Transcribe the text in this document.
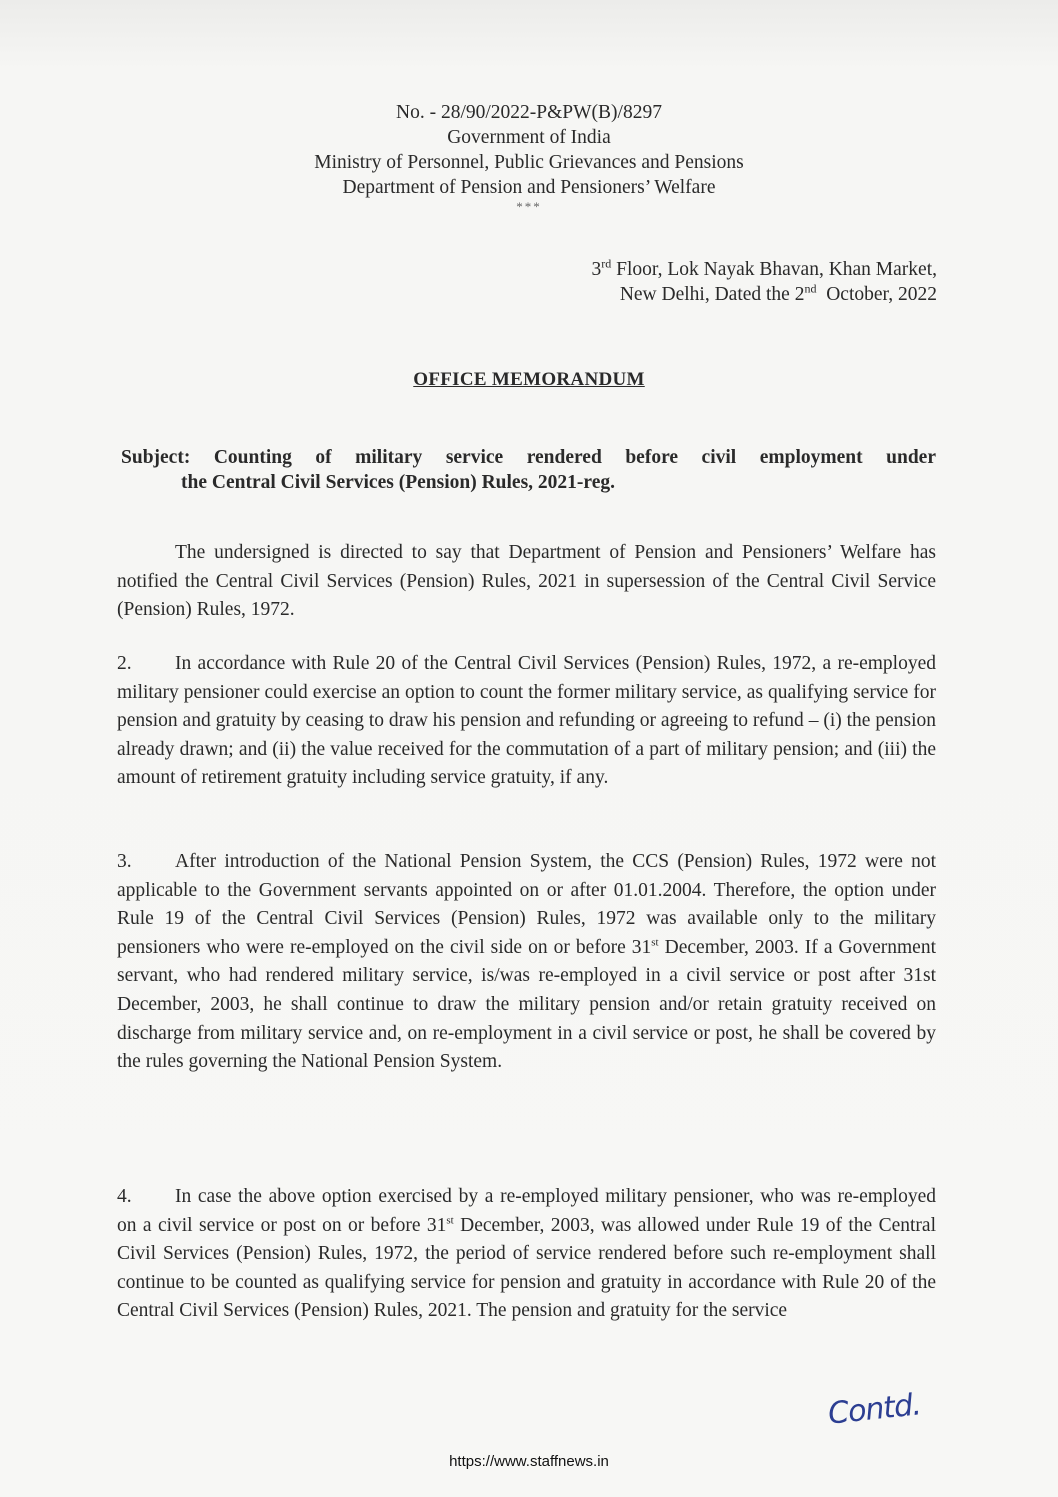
No. - 28/90/2022-P&PW(B)/8297
Government of India
Ministry of Personnel, Public Grievances and Pensions
Department of Pension and Pensioners’ Welfare
***
3rd Floor, Lok Nayak Bhavan, Khan Market,
New Delhi, Dated the 2nd  October, 2022
OFFICE MEMORANDUM
Subject: Counting of military service rendered before civil employment under
the Central Civil Services (Pension) Rules, 2021-reg.
The undersigned is directed to say that Department of Pension and Pensioners’ Welfare has notified the Central Civil Services (Pension) Rules, 2021 in supersession of the Central Civil Service (Pension) Rules, 1972.
2. In accordance with Rule 20 of the Central Civil Services (Pension) Rules, 1972, a re-employed military pensioner could exercise an option to count the former military service, as qualifying service for pension and gratuity by ceasing to draw his pension and refunding or agreeing to refund – (i) the pension already drawn; and (ii) the value received for the commutation of a part of military pension; and (iii) the amount of retirement gratuity including service gratuity, if any.
3. After introduction of the National Pension System, the CCS (Pension) Rules, 1972 were not applicable to the Government servants appointed on or after 01.01.2004. Therefore, the option under Rule 19 of the Central Civil Services (Pension) Rules, 1972 was available only to the military pensioners who were re-employed on the civil side on or before 31st December, 2003. If a Government servant, who had rendered military service, is/was re-employed in a civil service or post after 31st December, 2003, he shall continue to draw the military pension and/or retain gratuity received on discharge from military service and, on re-employment in a civil service or post, he shall be covered by the rules governing the National Pension System.
4. In case the above option exercised by a re-employed military pensioner, who was re-employed on a civil service or post on or before 31st December, 2003, was allowed under Rule 19 of the Central Civil Services (Pension) Rules, 1972, the period of service rendered before such re-employment shall continue to be counted as qualifying service for pension and gratuity in accordance with Rule 20 of the Central Civil Services (Pension) Rules, 2021. The pension and gratuity for the service
Contd.
https://www.staffnews.in
